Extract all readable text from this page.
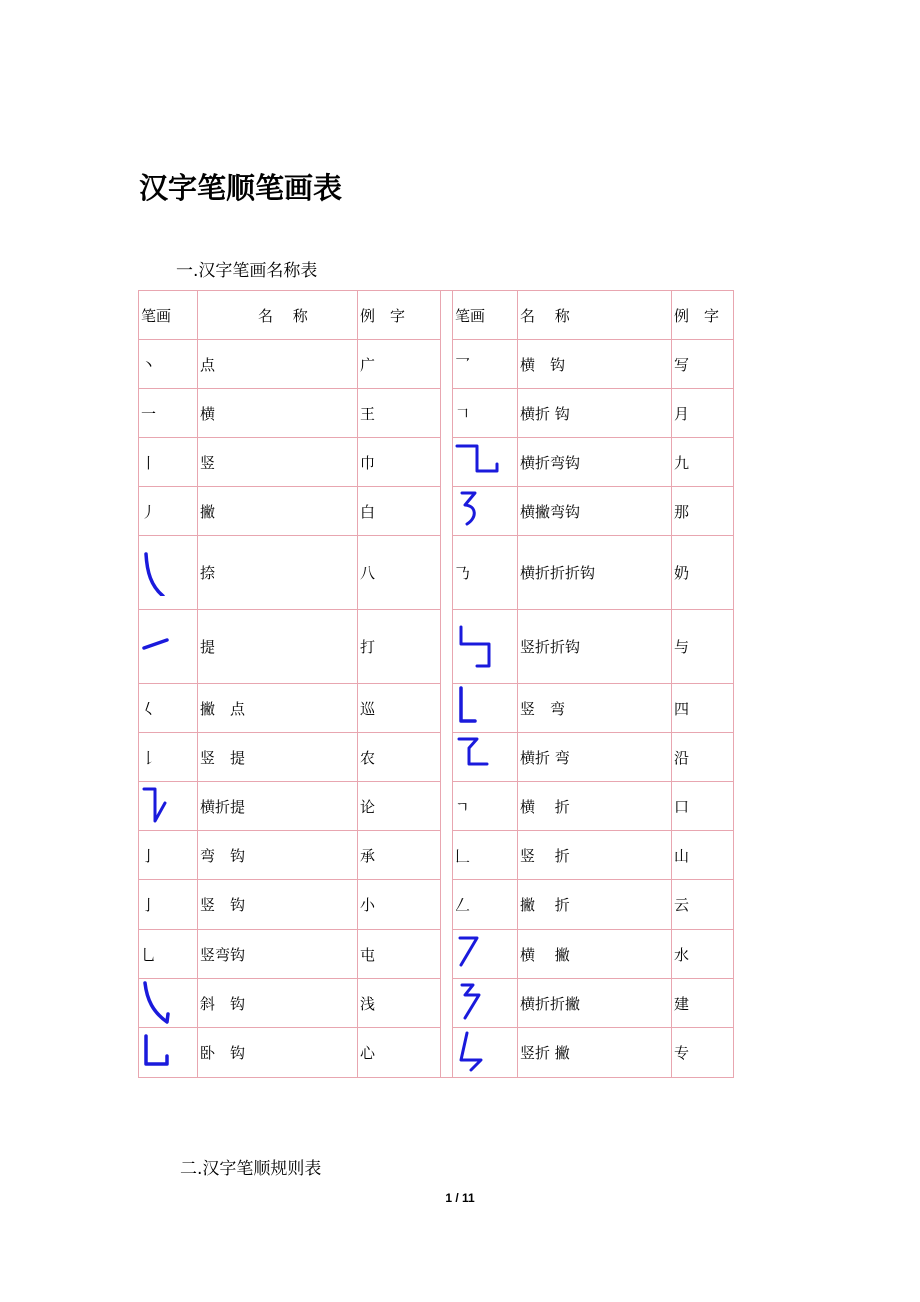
汉字笔顺笔画表
一.汉字笔画名称表
笔画	名　 称	例　字		笔画	名　 称	例　字
丶	点	广		乛	横　钩	写
一	横	王		𠃍	横折 钩	月
丨	竖	巾			横折弯钩	九
丿	撇	白			横撇弯钩	那

	捺	八		𠄎	横折折折钩	奶

	提	打			竖折折钩	与
𡿨	撇　点	巡			竖　弯	四
𠄌	竖　提	农			横折 弯	沿

	横折提	论		ㄱ	横　 折	口
亅	弯　钩	承		𠃊	竖　 折	山
亅	竖　钩	小		𠃋	撇　 折	云
乚	竖弯钩	屯			横　 撇	水

	斜　钩	浅			横折折撇	建

	卧　钩	心			竖折 撇	专
二.汉字笔顺规则表
1 / 11
